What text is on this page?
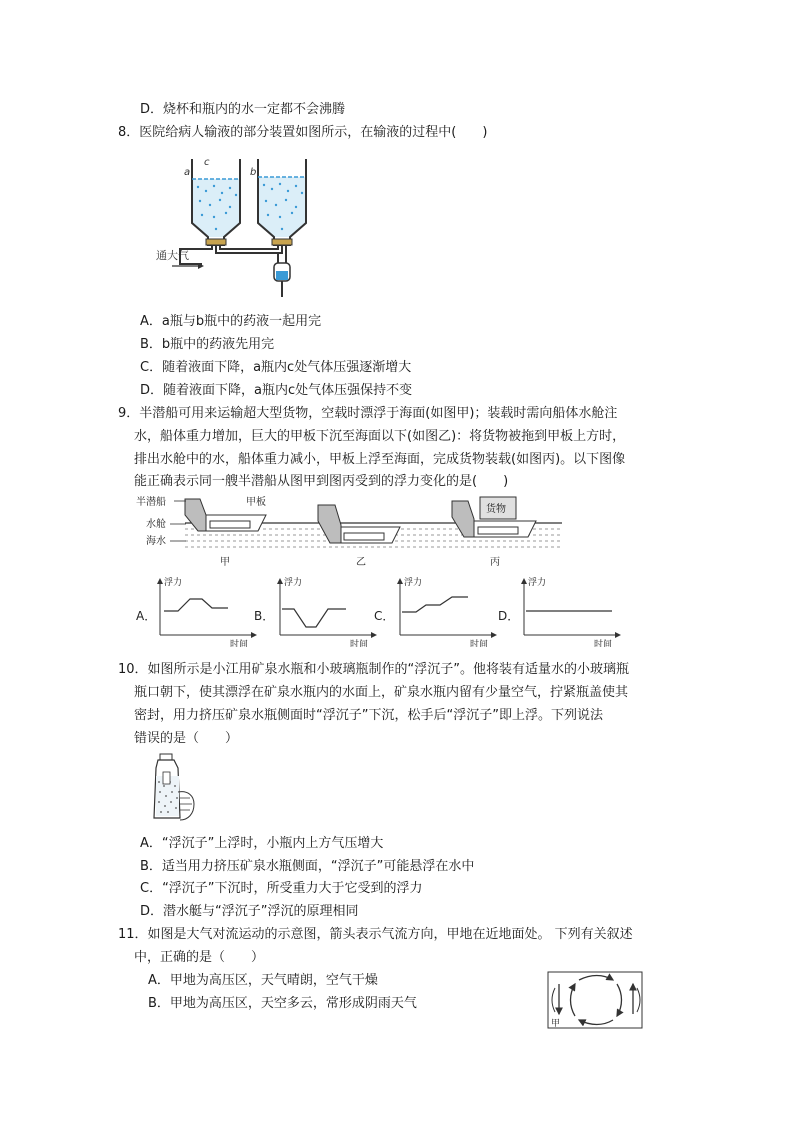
D．烧杯和瓶内的水一定都不会沸腾
8．医院给病人输液的部分装置如图所示，在输液的过程中(　　)
通大气
a
c
b
A．a瓶与b瓶中的药液一起用完
B．b瓶中的药液先用完
C．随着液面下降，a瓶内c处气体压强逐渐增大
D．随着液面下降，a瓶内c处气体压强保持不变
9．半潜船可用来运输超大型货物，空载时漂浮于海面(如图甲)；装载时需向船体水舱注
水，船体重力增加，巨大的甲板下沉至海面以下(如图乙)：将货物被拖到甲板上方时，
排出水舱中的水，船体重力减小，甲板上浮至海面，完成货物装载(如图丙)。以下图像
能正确表示同一艘半潜船从图甲到图丙受到的浮力变化的是(　　)
货物
半潜船	甲板
水舱
海水
甲	乙	丙
A．
浮力
时间
B．
浮力
时间
C．
浮力
时间
D．
浮力
时间
10．如图所示是小江用矿泉水瓶和小玻璃瓶制作的“浮沉子”。他将装有适量水的小玻璃瓶
瓶口朝下，使其漂浮在矿泉水瓶内的水面上，矿泉水瓶内留有少量空气，拧紧瓶盖使其
密封，用力挤压矿泉水瓶侧面时“浮沉子”下沉，松手后“浮沉子”即上浮。下列说法
错误的是（　　）
A．“浮沉子”上浮时，小瓶内上方气压增大
B．适当用力挤压矿泉水瓶侧面，“浮沉子”可能悬浮在水中
C．“浮沉子”下沉时，所受重力大于它受到的浮力
D．潜水艇与“浮沉子”浮沉的原理相同
11．如图是大气对流运动的示意图，箭头表示气流方向，甲地在近地面处。 下列有关叙述
中，正确的是（　　）
A．甲地为高压区，天气晴朗，空气干燥
B．甲地为高压区，天空多云，常形成阴雨天气
甲
